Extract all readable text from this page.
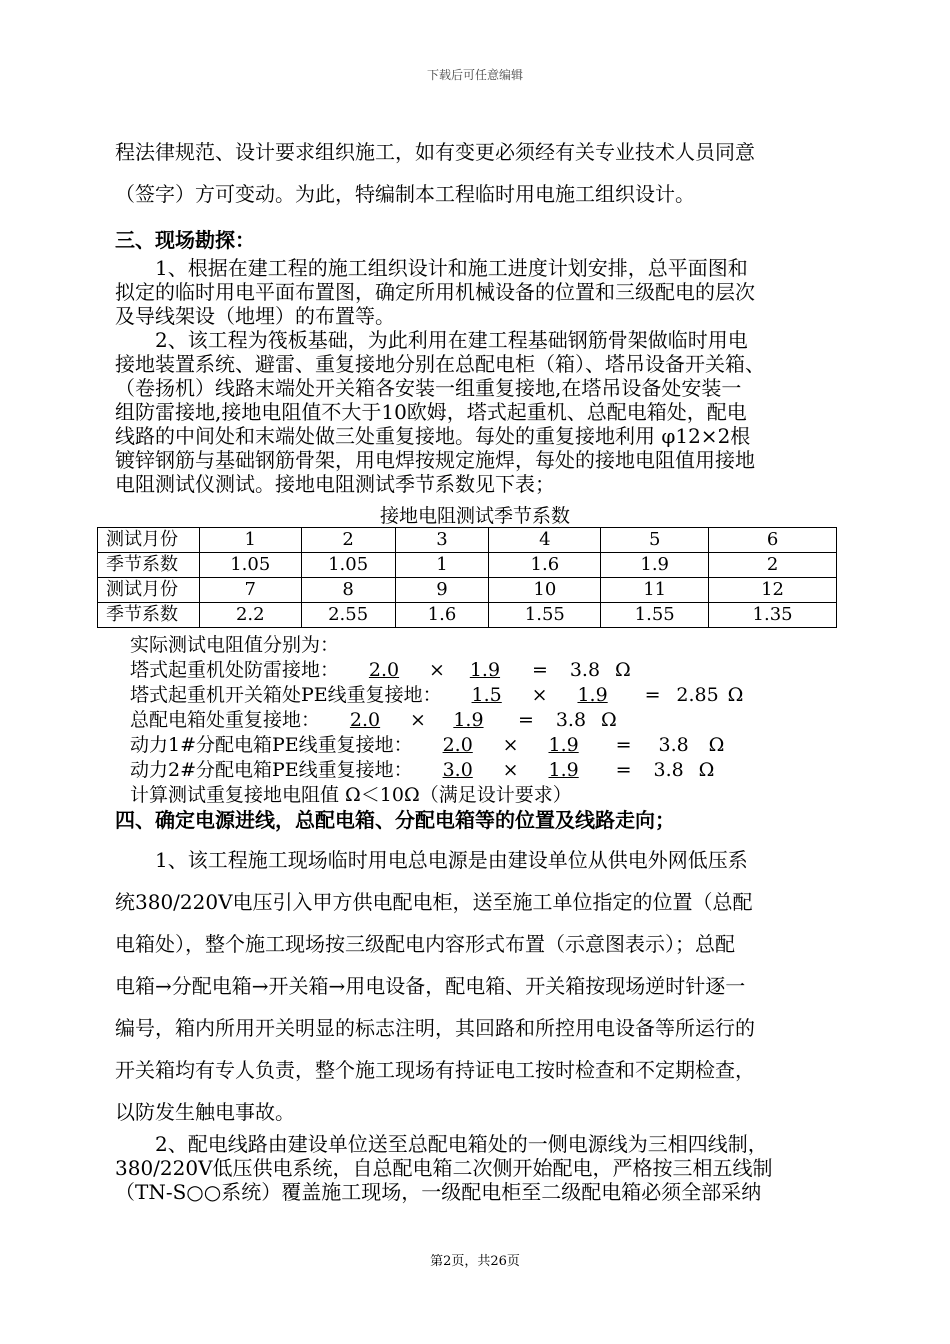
下载后可任意编辑
程法律规范、设计要求组织施工，如有变更必须经有关专业技术人员同意
（签字）方可变动。为此，特编制本工程临时用电施工组织设计。
三、现场勘探：
1、根据在建工程的施工组织设计和施工进度计划安排，总平面图和
拟定的临时用电平面布置图，确定所用机械设备的位置和三级配电的层次
及导线架设（地埋）的布置等。
2、该工程为筏板基础，为此利用在建工程基础钢筋骨架做临时用电
接地装置系统、避雷、重复接地分别在总配电柜（箱）、塔吊设备开关箱、
（卷扬机）线路末端处开关箱各安装一组重复接地,在塔吊设备处安装一
组防雷接地,接地电阻值不大于10欧姆，塔式起重机、总配电箱处，配电
线路的中间处和末端处做三处重复接地。每处的重复接地利用 φ12×2根
镀锌钢筋与基础钢筋骨架，用电焊按规定施焊，每处的接地电阻值用接地
电阻测试仪测试。接地电阻测试季节系数见下表；
接地电阻测试季节系数
测试月份	1	2	3	4	5	6
季节系数	1.05	1.05	1	1.6	1.9	2
测试月份	7	8	9	10	11	12
季节系数	2.2	2.55	1.6	1.55	1.55	1.35
实际测试电阻值分别为：
塔式起重机处防雷接地： 2.0 × 1.9 = 3.8 Ω
塔式起重机开关箱处PE线重复接地： 1.5 × 1.9 = 2.85 Ω
总配电箱处重复接地： 2.0 × 1.9 = 3.8 Ω
动力1#分配电箱PE线重复接地： 2.0 × 1.9 = 3.8 Ω
动力2#分配电箱PE线重复接地： 3.0 × 1.9 = 3.8 Ω
计算测试重复接地电阻值 Ω＜10Ω（满足设计要求）
四、确定电源进线，总配电箱、分配电箱等的位置及线路走向；
1、该工程施工现场临时用电总电源是由建设单位从供电外网低压系
统380/220V电压引入甲方供电配电柜，送至施工单位指定的位置（总配
电箱处），整个施工现场按三级配电内容形式布置（示意图表示）；总配
电箱→分配电箱→开关箱→用电设备，配电箱、开关箱按现场逆时针逐一
编号，箱内所用开关明显的标志注明，其回路和所控用电设备等所运行的
开关箱均有专人负责，整个施工现场有持证电工按时检查和不定期检查，
以防发生触电事故。
2、配电线路由建设单位送至总配电箱处的一侧电源线为三相四线制，
380/220V低压供电系统，自总配电箱二次侧开始配电，严格按三相五线制
（TN-S○○系统）覆盖施工现场，一级配电柜至二级配电箱必须全部采纳
第2页，共26页
